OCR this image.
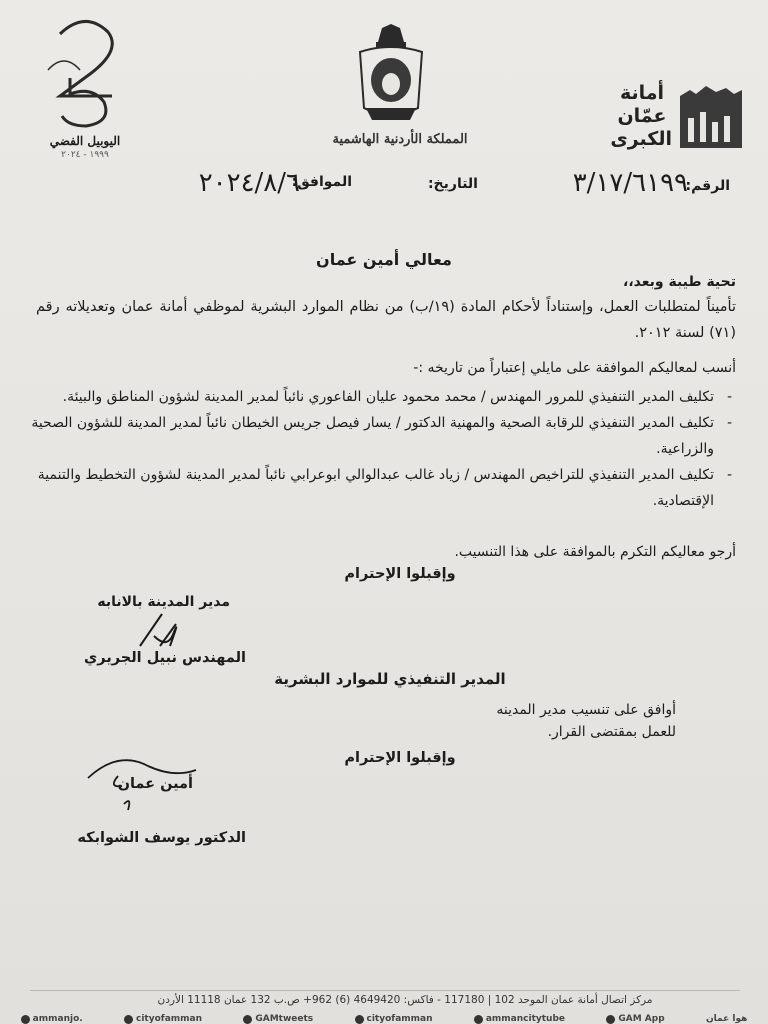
اليوبيل الفضي
١٩٩٩ - ٢٠٢٤
المملكة الأردنية الهاشمية
أمانة
عمّان
الكبرى
الرقم:
٣/١٧/٦١٩٩
التاريخ:
الموافق:
٢٠٢٤/٨/٦
معالي أمين عمان
تحية طيبة وبعد،،
تأميناً لمتطلبات العمل، وإستناداً لأحكام المادة (١٩/ب) من نظام الموارد البشرية لموظفي أمانة عمان وتعديلاته رقم (٧١) لسنة ٢٠١٢.
أنسب لمعاليكم الموافقة على مايلي إعتباراً من تاريخه :-
-
تكليف المدير التنفيذي للمرور المهندس / محمد محمود عليان الفاعوري نائباً لمدير المدينة لشؤون المناطق والبيئة.
-
تكليف المدير التنفيذي للرقابة الصحية والمهنية الدكتور / يسار فيصل جريس الخيطان نائباً لمدير المدينة للشؤون الصحية والزراعية.
-
تكليف المدير التنفيذي للتراخيص المهندس / زياد غالب عبدالوالي ابوعرابي نائباً لمدير المدينة لشؤون التخطيط والتنمية الإقتصادية.
أرجو معاليكم التكرم بالموافقة على هذا التنسيب.
وإقبلوا الإحترام
مدير المدينة بالانابه
المهندس نبيل الجريري
المدير التنفيذي للموارد البشرية
أوافق على تنسيب مدير المدينه
للعمل بمقتضى القرار.
وإقبلوا الإحترام
أمين عمان
الدكتور يوسف الشوابكه
مركز اتصال أمانة عمان الموحد 102 | 117180 - فاكس: 4649420 (6) 962+ ص.ب 132 عمان 11118 الأردن
ammanjo.	cityofamman	GAMtweets	cityofamman	ammancitytube	GAM App	هوا عمان
